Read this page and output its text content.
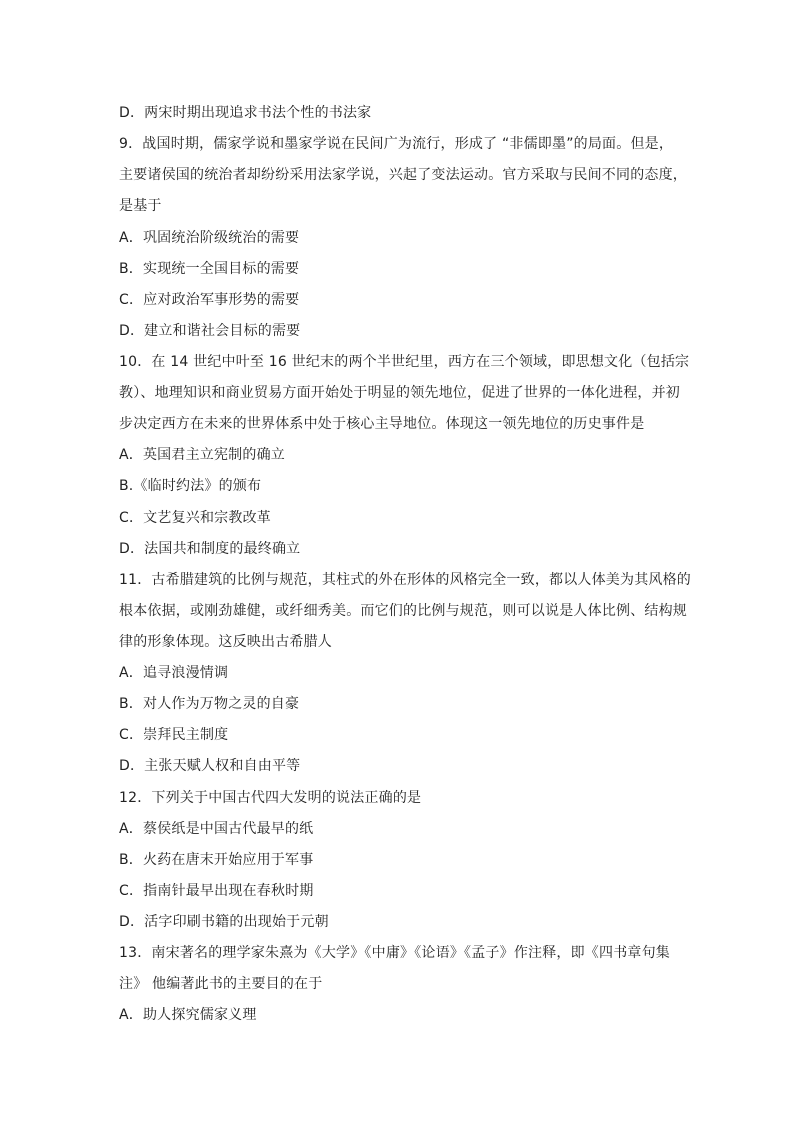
D．两宋时期出现追求书法个性的书法家
9．战国时期，儒家学说和墨家学说在民间广为流行，形成了 “非儒即墨”的局面。但是，
主要诸侯国的统治者却纷纷采用法家学说，兴起了变法运动。官方采取与民间不同的态度，
是基于
A．巩固统治阶级统治的需要
B．实现统一全国目标的需要
C．应对政治军事形势的需要
D．建立和谐社会目标的需要
10．在 14 世纪中叶至 16 世纪末的两个半世纪里，西方在三个领域，即思想文化（包括宗
教）、地理知识和商业贸易方面开始处于明显的领先地位，促进了世界的一体化进程，并初
步决定西方在未来的世界体系中处于核心主导地位。体现这一领先地位的历史事件是
A．英国君主立宪制的确立
B.《临时约法》的颁布
C．文艺复兴和宗教改革
D．法国共和制度的最终确立
11．古希腊建筑的比例与规范，其柱式的外在形体的风格完全一致，都以人体美为其风格的
根本依据，或刚劲雄健，或纤细秀美。而它们的比例与规范，则可以说是人体比例、结构规
律的形象体现。这反映出古希腊人
A．追寻浪漫情调
B．对人作为万物之灵的自豪
C．崇拜民主制度
D．主张天赋人权和自由平等
12．下列关于中国古代四大发明的说法正确的是
A．蔡侯纸是中国古代最早的纸
B．火药在唐末开始应用于军事
C．指南针最早出现在春秋时期
D．活字印刷书籍的出现始于元朝
13．南宋著名的理学家朱熹为《大学》《中庸》《论语》《孟子》作注释，即《四书章句集
注》 他编著此书的主要目的在于
A．助人探究儒家义理
